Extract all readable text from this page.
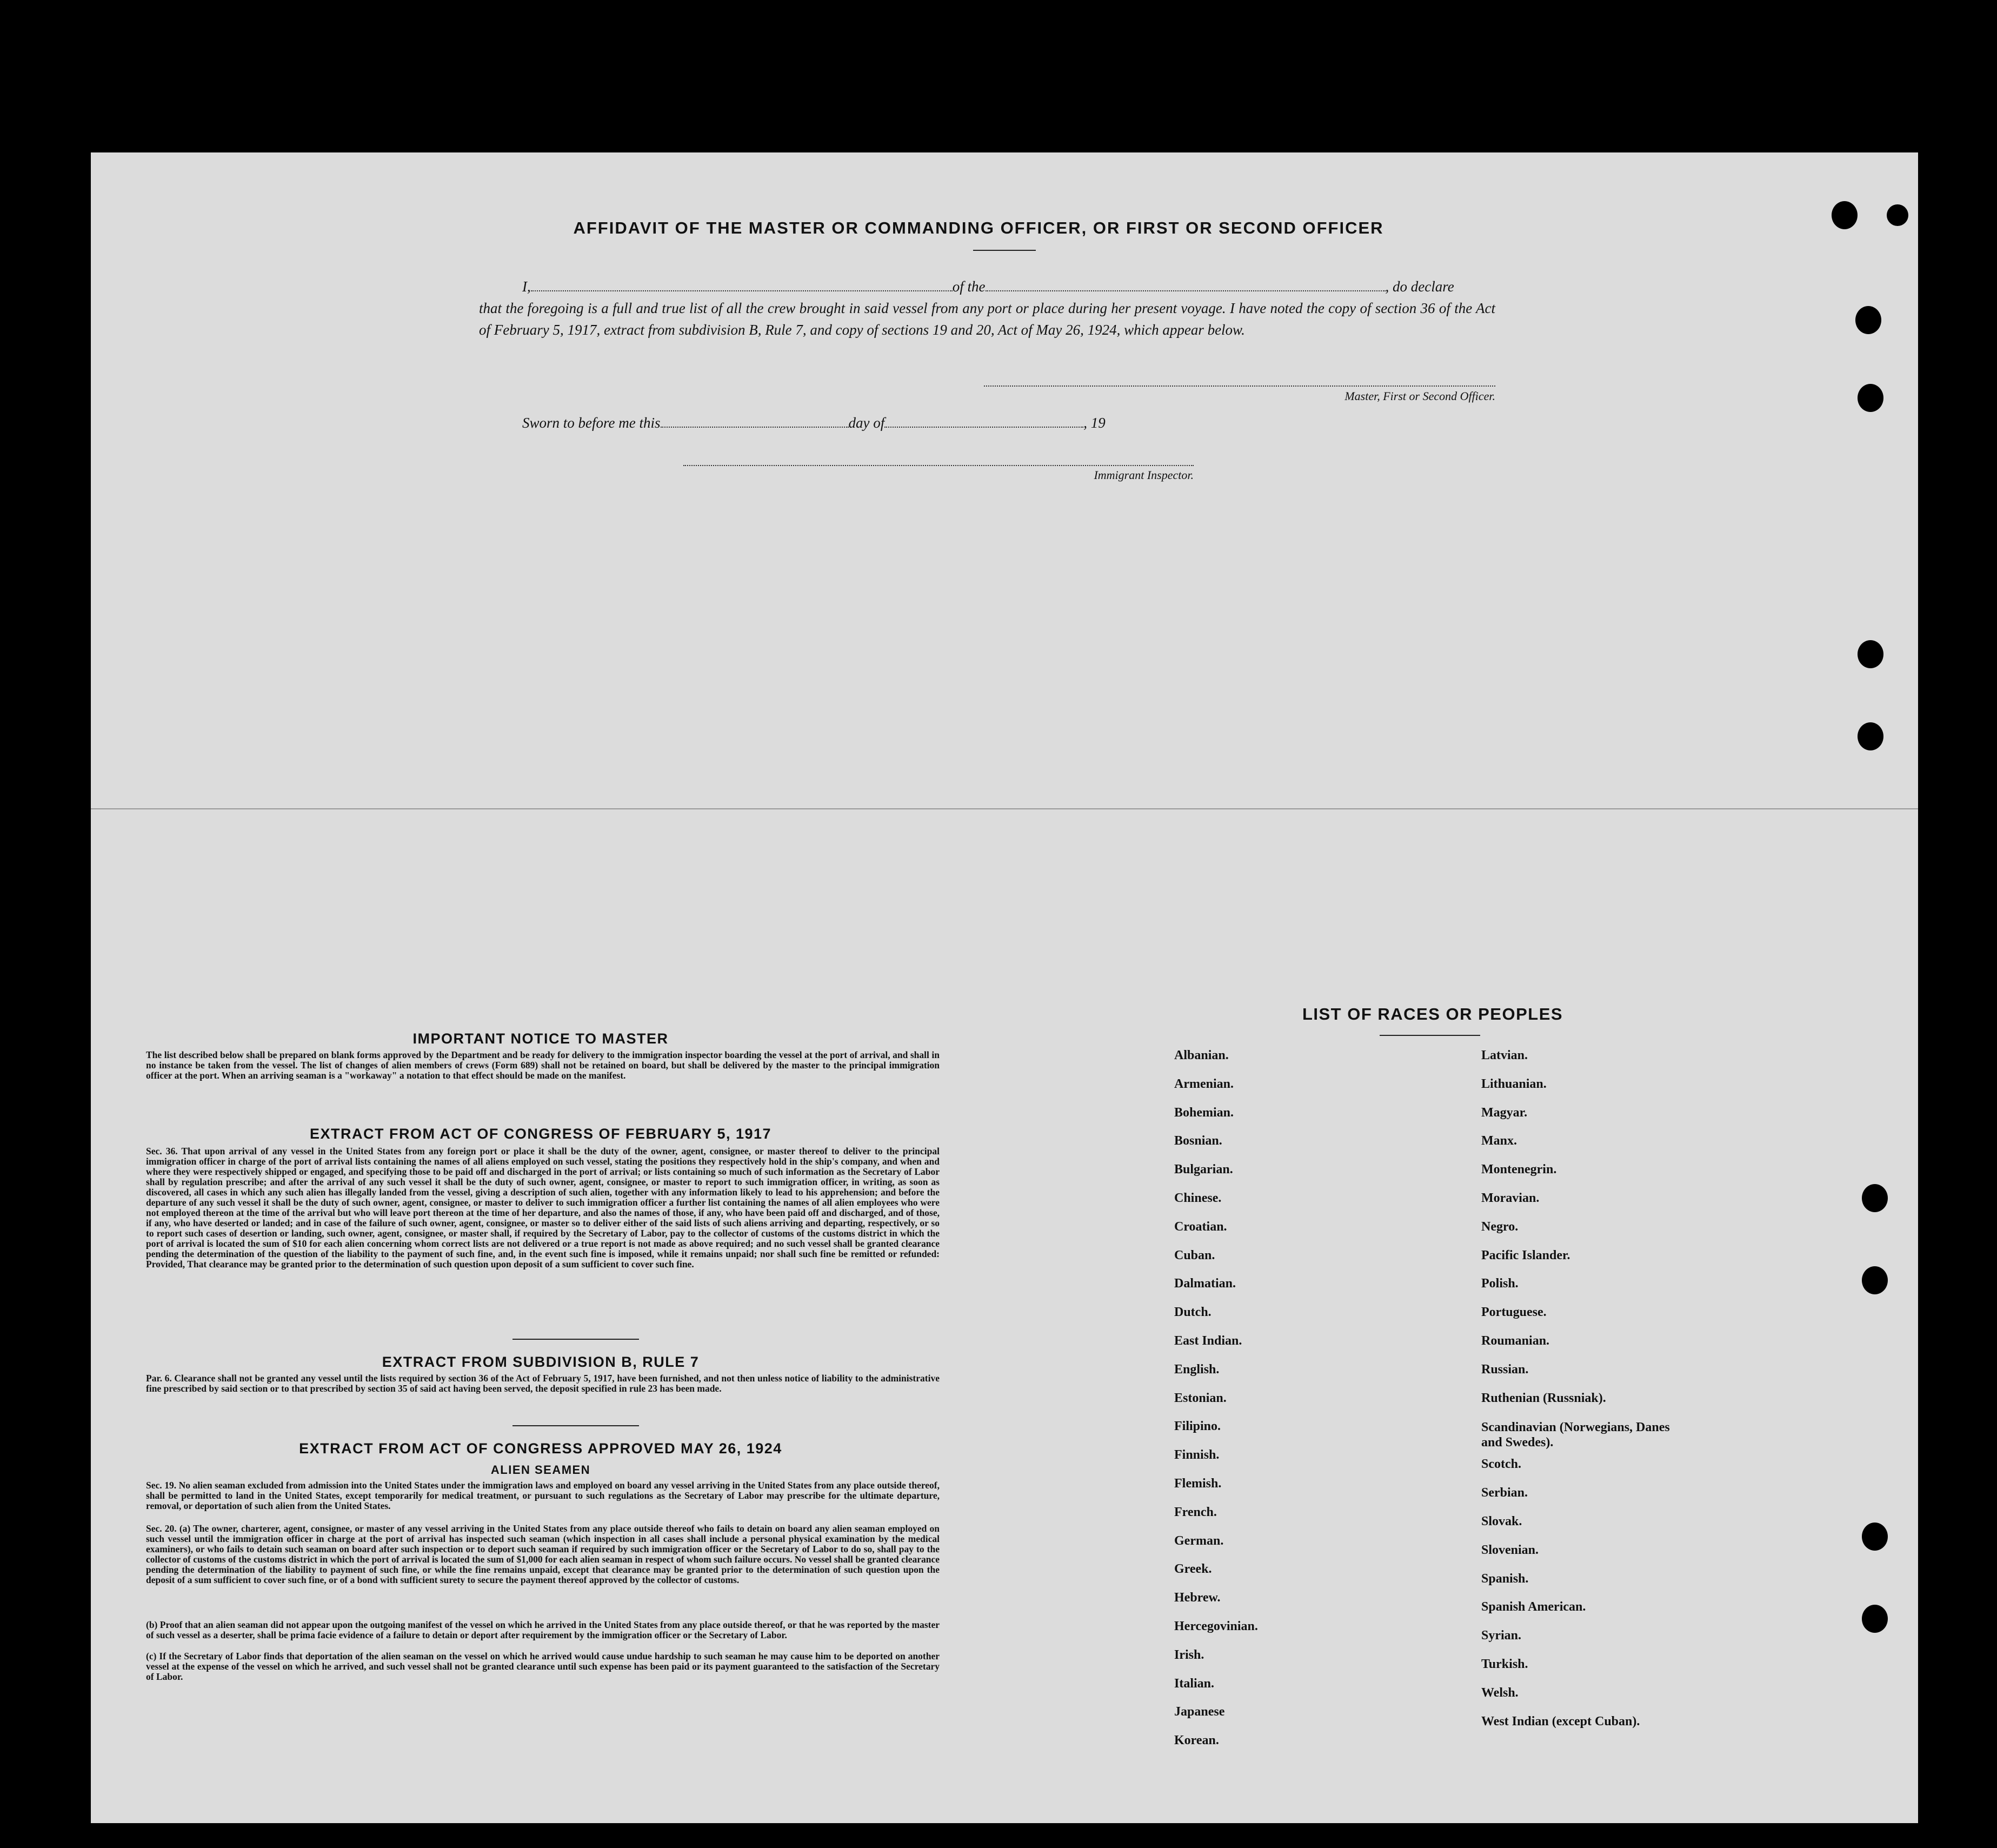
AFFIDAVIT OF THE MASTER OR COMMANDING OFFICER, OR FIRST OR SECOND OFFICER
I,	of the	, do declare
that the foregoing is a full and true list of all the crew brought in said vessel from any port or place during her present voyage. I have noted the copy of section 36 of the Act of February 5, 1917, extract from subdivision B, Rule 7, and copy of sections 19 and 20, Act of May 26, 1924, which appear below.
Master, First or Second Officer.
Sworn to before me this	day of	, 19
Immigrant Inspector.
IMPORTANT NOTICE TO MASTER
The list described below shall be prepared on blank forms approved by the Department and be ready for delivery to the immigration inspector boarding the vessel at the port of arrival, and shall in no instance be taken from the vessel. The list of changes of alien members of crews (Form 689) shall not be retained on board, but shall be delivered by the master to the principal immigration officer at the port. When an arriving seaman is a "workaway" a notation to that effect should be made on the manifest.
EXTRACT FROM ACT OF CONGRESS OF FEBRUARY 5, 1917
Sec. 36. That upon arrival of any vessel in the United States from any foreign port or place it shall be the duty of the owner, agent, consignee, or master thereof to deliver to the principal immigration officer in charge of the port of arrival lists containing the names of all aliens employed on such vessel, stating the positions they respectively hold in the ship's company, and when and where they were respectively shipped or engaged, and specifying those to be paid off and discharged in the port of arrival; or lists containing so much of such information as the Secretary of Labor shall by regulation prescribe; and after the arrival of any such vessel it shall be the duty of such owner, agent, consignee, or master to report to such immigration officer, in writing, as soon as discovered, all cases in which any such alien has illegally landed from the vessel, giving a description of such alien, together with any information likely to lead to his apprehension; and before the departure of any such vessel it shall be the duty of such owner, agent, consignee, or master to deliver to such immigration officer a further list containing the names of all alien employees who were not employed thereon at the time of the arrival but who will leave port thereon at the time of her departure, and also the names of those, if any, who have been paid off and discharged, and of those, if any, who have deserted or landed; and in case of the failure of such owner, agent, consignee, or master so to deliver either of the said lists of such aliens arriving and departing, respectively, or so to report such cases of desertion or landing, such owner, agent, consignee, or master shall, if required by the Secretary of Labor, pay to the collector of customs of the customs district in which the port of arrival is located the sum of $10 for each alien concerning whom correct lists are not delivered or a true report is not made as above required; and no such vessel shall be granted clearance pending the determination of the question of the liability to the payment of such fine, and, in the event such fine is imposed, while it remains unpaid; nor shall such fine be remitted or refunded: Provided, That clearance may be granted prior to the determination of such question upon deposit of a sum sufficient to cover such fine.
EXTRACT FROM SUBDIVISION B, RULE 7
Par. 6. Clearance shall not be granted any vessel until the lists required by section 36 of the Act of February 5, 1917, have been furnished, and not then unless notice of liability to the administrative fine prescribed by said section or to that prescribed by section 35 of said act having been served, the deposit specified in rule 23 has been made.
EXTRACT FROM ACT OF CONGRESS APPROVED MAY 26, 1924
ALIEN SEAMEN
Sec. 19. No alien seaman excluded from admission into the United States under the immigration laws and employed on board any vessel arriving in the United States from any place outside thereof, shall be permitted to land in the United States, except temporarily for medical treatment, or pursuant to such regulations as the Secretary of Labor may prescribe for the ultimate departure, removal, or deportation of such alien from the United States.
Sec. 20. (a) The owner, charterer, agent, consignee, or master of any vessel arriving in the United States from any place outside thereof who fails to detain on board any alien seaman employed on such vessel until the immigration officer in charge at the port of arrival has inspected such seaman (which inspection in all cases shall include a personal physical examination by the medical examiners), or who fails to detain such seaman on board after such inspection or to deport such seaman if required by such immigration officer or the Secretary of Labor to do so, shall pay to the collector of customs of the customs district in which the port of arrival is located the sum of $1,000 for each alien seaman in respect of whom such failure occurs. No vessel shall be granted clearance pending the determination of the liability to payment of such fine, or while the fine remains unpaid, except that clearance may be granted prior to the determination of such question upon the deposit of a sum sufficient to cover such fine, or of a bond with sufficient surety to secure the payment thereof approved by the collector of customs.
(b) Proof that an alien seaman did not appear upon the outgoing manifest of the vessel on which he arrived in the United States from any place outside thereof, or that he was reported by the master of such vessel as a deserter, shall be prima facie evidence of a failure to detain or deport after requirement by the immigration officer or the Secretary of Labor.
(c) If the Secretary of Labor finds that deportation of the alien seaman on the vessel on which he arrived would cause undue hardship to such seaman he may cause him to be deported on another vessel at the expense of the vessel on which he arrived, and such vessel shall not be granted clearance until such expense has been paid or its payment guaranteed to the satisfaction of the Secretary of Labor.
LIST OF RACES OR PEOPLES
Albanian.
Armenian.
Bohemian.
Bosnian.
Bulgarian.
Chinese.
Croatian.
Cuban.
Dalmatian.
Dutch.
East Indian.
English.
Estonian.
Filipino.
Finnish.
Flemish.
French.
German.
Greek.
Hebrew.
Hercegovinian.
Irish.
Italian.
Japanese
Korean.
Latvian.
Lithuanian.
Magyar.
Manx.
Montenegrin.
Moravian.
Negro.
Pacific Islander.
Polish.
Portuguese.
Roumanian.
Russian.
Ruthenian (Russniak).
Scandinavian (Norwegians, Danes and Swedes).
Scotch.
Serbian.
Slovak.
Slovenian.
Spanish.
Spanish American.
Syrian.
Turkish.
Welsh.
West Indian (except Cuban).
